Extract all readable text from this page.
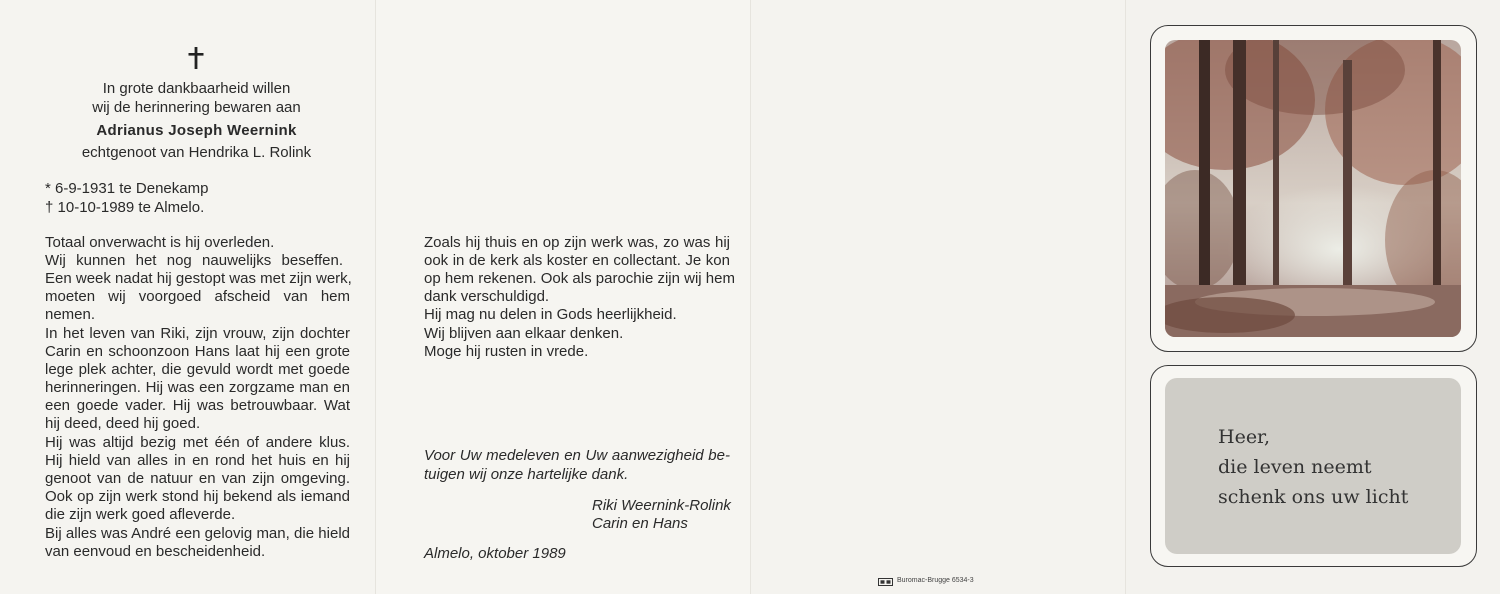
In grote dankbaarheid willen
wij de herinnering bewaren aan
Adrianus Joseph Weernink
echtgenoot van Hendrika L. Rolink
* 6-9-1931 te Denekamp
† 10-10-1989 te Almelo.
Totaal onverwacht is hij overleden.
Wij kunnen het nog nauwelijks beseffen.
Een week nadat hij gestopt was met zijn werk,
moeten wij voorgoed afscheid van hem
nemen.
In het leven van Riki, zijn vrouw, zijn dochter
Carin en schoonzoon Hans laat hij een grote
lege plek achter, die gevuld wordt met goede
herinneringen. Hij was een zorgzame man en
een goede vader. Hij was betrouwbaar. Wat
hij deed, deed hij goed.
Hij was altijd bezig met één of andere klus.
Hij hield van alles in en rond het huis en hij
genoot van de natuur en van zijn omgeving.
Ook op zijn werk stond hij bekend als iemand
die zijn werk goed afleverde.
Bij alles was André een gelovig man, die hield
van eenvoud en bescheidenheid.
Zoals hij thuis en op zijn werk was, zo was hij
ook in de kerk als koster en collectant. Je kon
op hem rekenen. Ook als parochie zijn wij hem
dank verschuldigd.
Hij mag nu delen in Gods heerlijkheid.
Wij blijven aan elkaar denken.
Moge hij rusten in vrede.
Voor Uw medeleven en Uw aanwezigheid be-
tuigen wij onze hartelijke dank.
Riki Weernink-Rolink
Carin en Hans
Almelo, oktober 1989
Buromac-Brugge 6534-3
Heer,
die leven neemt
schenk ons uw licht
